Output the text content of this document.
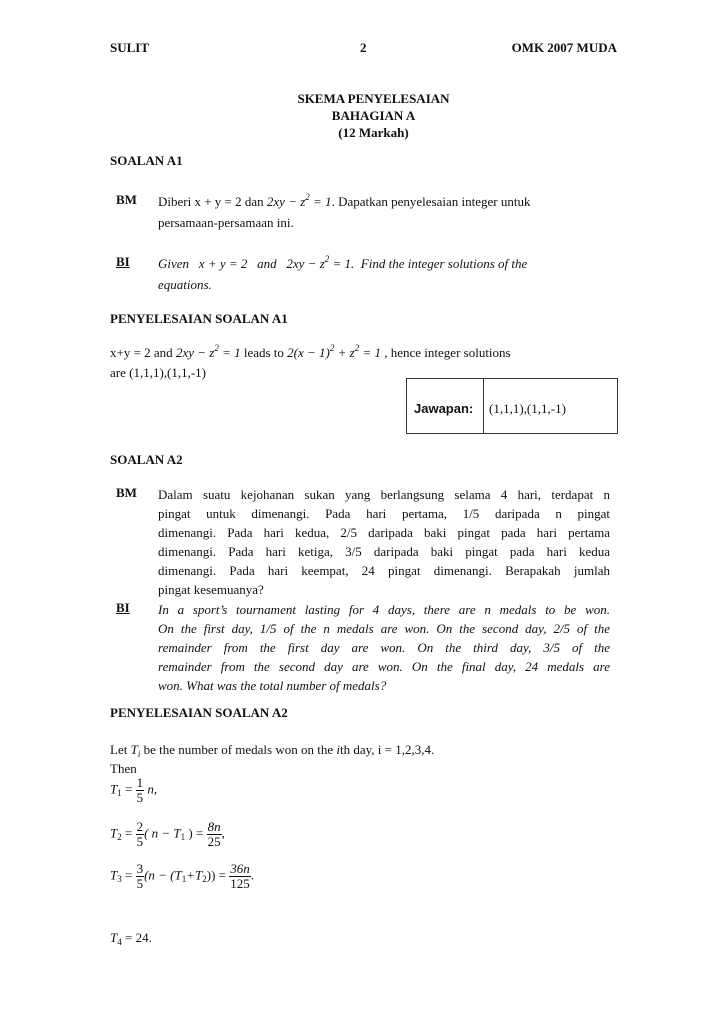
SULIT	2	OMK 2007 MUDA
SKEMA PENYELESAIAN
BAHAGIAN A
(12 Markah)
SOALAN A1
BM Diberi x + y = 2 dan $2xy - z^2 = 1$. Dapatkan penyelesaian integer untuk
persamaan-persamaan ini.
BI Given x + y = 2 and $2xy - z^2 = 1$. Find the integer solutions of the
equations.
PENYELESAIAN SOALAN A1
x+y = 2 and $2xy - z^2 = 1$ leads to $2(x - 1)^2 + z^2 = 1$ , hence integer solutions
are (1,1,1),(1,1,-1)
Jawapan: (1,1,1),(1,1,-1)
SOALAN A2
BM Dalam suatu kejohanan sukan yang berlangsung selama 4 hari, terdapat n
pingat untuk dimenangi. Pada hari pertama, 1/5 daripada n pingat
dimenangi. Pada hari kedua, 2/5 daripada baki pingat pada hari pertama
dimenangi. Pada hari ketiga, 3/5 daripada baki pingat pada hari kedua
dimenangi. Pada hari keempat, 24 pingat dimenangi. Berapakah jumlah
pingat kesemuanya?
BI In a sport’s tournament lasting for 4 days, there are n medals to be won.
On the first day, 1/5 of the n medals are won. On the second day, 2/5 of the
remainder from the first day are won. On the third day, 3/5 of the
remainder from the second day are won. On the final day, 24 medals are
won. What was the total number of medals?
PENYELESAIAN SOALAN A2
Let $T_i$ be the number of medals won on the ith day, i = 1,2,3,4.
Then
$T_1 = \frac{1}{5} n$,
$T_2 = \frac{2}{5}$ ( $n - T_1$ ) = $\frac{8n}{25}$ ,
$T_3 = \frac{3}{5} (n - (T_1+T_2)) = \frac{36n}{125}$ .
$T_4 = 24$.
